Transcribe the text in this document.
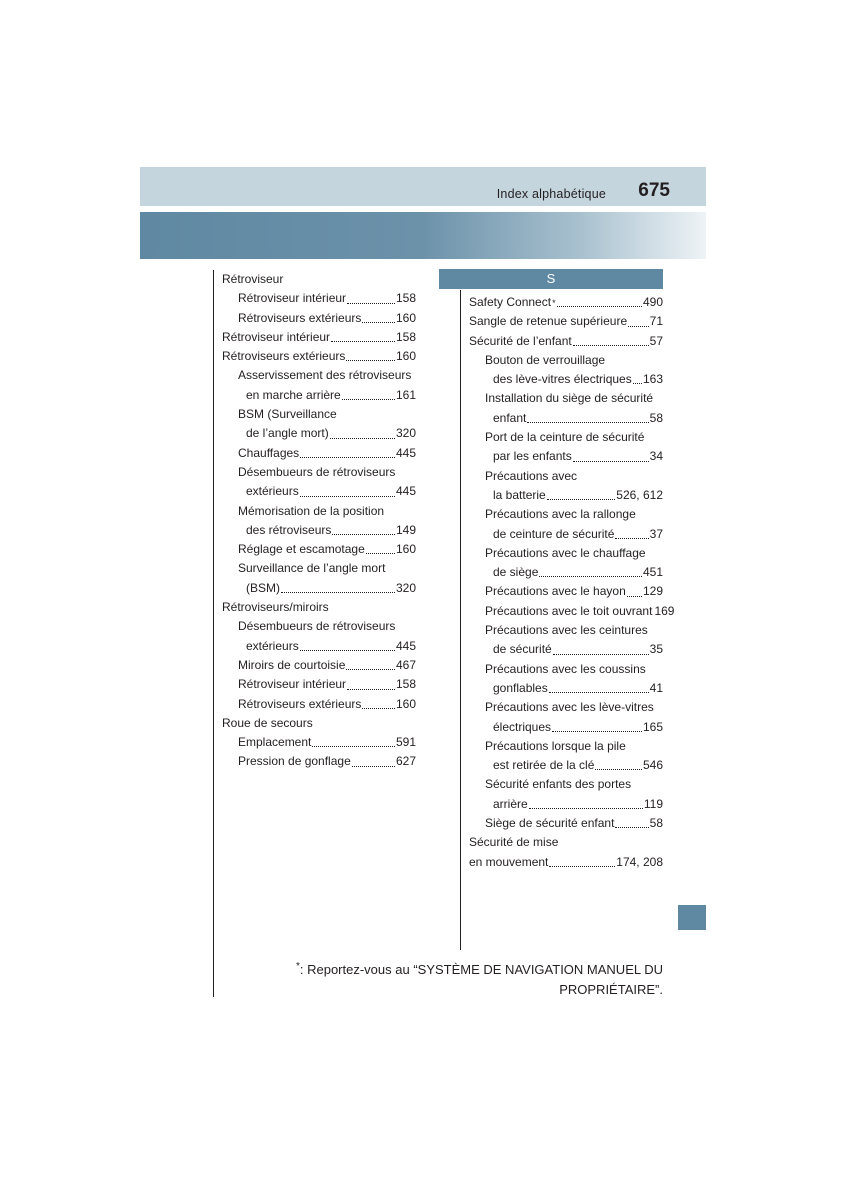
Index alphabétique 675
Rétroviseur
Rétroviseur intérieur	158
Rétroviseurs extérieurs	160
Rétroviseur intérieur	158
Rétroviseurs extérieurs	160
Asservissement des rétroviseurs
en marche arrière	161
BSM (Surveillance
de l’angle mort)	320
Chauffages	445
Désembueurs de rétroviseurs
extérieurs	445
Mémorisation de la position
des rétroviseurs	149
Réglage et escamotage	160
Surveillance de l’angle mort
(BSM)	320
Rétroviseurs/miroirs
Désembueurs de rétroviseurs
extérieurs	445
Miroirs de courtoisie	467
Rétroviseur intérieur	158
Rétroviseurs extérieurs	160
Roue de secours
Emplacement	591
Pression de gonflage	627
S
Safety Connect *	490
Sangle de retenue supérieure 71
Sécurité de l’enfant	57
Bouton de verrouillage
des lève-vitres électriques 163
Installation du siège de sécurité
enfant	58
Port de la ceinture de sécurité
par les enfants	34
Précautions avec
la batterie	526, 612
Précautions avec la rallonge
de ceinture de sécurité	37
Précautions avec le chauffage
de siège	451
Précautions avec le hayon 129
Précautions avec le toit ouvrant 169
Précautions avec les ceintures
de sécurité	35
Précautions avec les coussins
gonflables	41
Précautions avec les lève-vitres
électriques	165
Précautions lorsque la pile
est retirée de la clé	546
Sécurité enfants des portes
arrière	119
Siège de sécurité enfant	58
Sécurité de mise
en mouvement	174, 208
*: Reportez-vous au “SYSTÈME DE NAVIGATION MANUEL DU
PROPRIÉTAIRE”.
